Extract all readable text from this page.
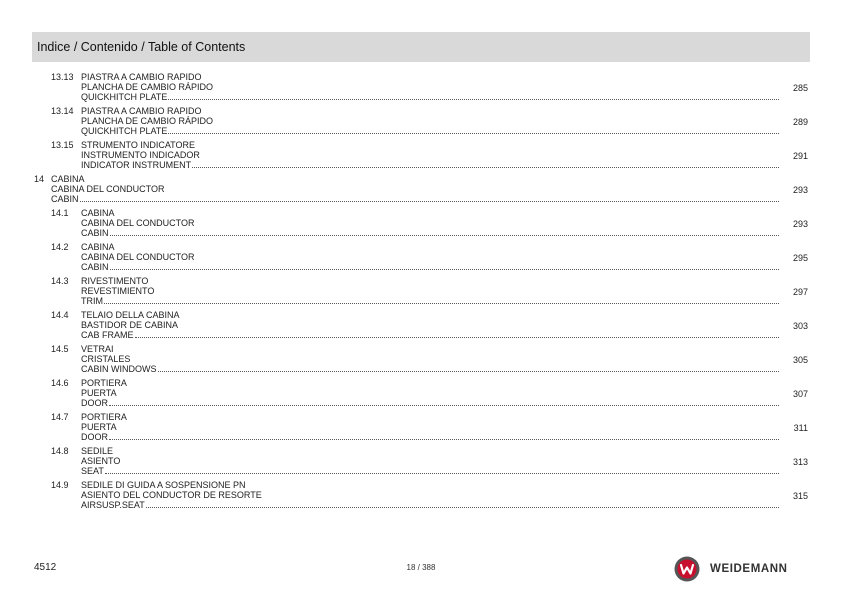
Indice / Contenido / Table of Contents
13.13 PIASTRA A CAMBIO RAPIDO
PLANCHA DE CAMBIO RÁPIDO
QUICKHITCH PLATE
285
13.14 PIASTRA A CAMBIO RAPIDO
PLANCHA DE CAMBIO RÁPIDO
QUICKHITCH PLATE
289
13.15 STRUMENTO INDICATORE
INSTRUMENTO INDICADOR
INDICATOR INSTRUMENT
291
14 CABINA
CABINA DEL CONDUCTOR
CABIN
293
14.1 CABINA
CABINA DEL CONDUCTOR
CABIN
293
14.2 CABINA
CABINA DEL CONDUCTOR
CABIN
295
14.3 RIVESTIMENTO
REVESTIMIENTO
TRIM
297
14.4 TELAIO DELLA CABINA
BASTIDOR DE CABINA
CAB FRAME
303
14.5 VETRAI
CRISTALES
CABIN WINDOWS
305
14.6 PORTIERA
PUERTA
DOOR
307
14.7 PORTIERA
PUERTA
DOOR
311
14.8 SEDILE
ASIENTO
SEAT
313
14.9 SEDILE DI GUIDA A SOSPENSIONE PN
ASIENTO DEL CONDUCTOR DE RESORTE
AIRSUSP.SEAT
315
4512	18 / 388	WEIDEMANN
